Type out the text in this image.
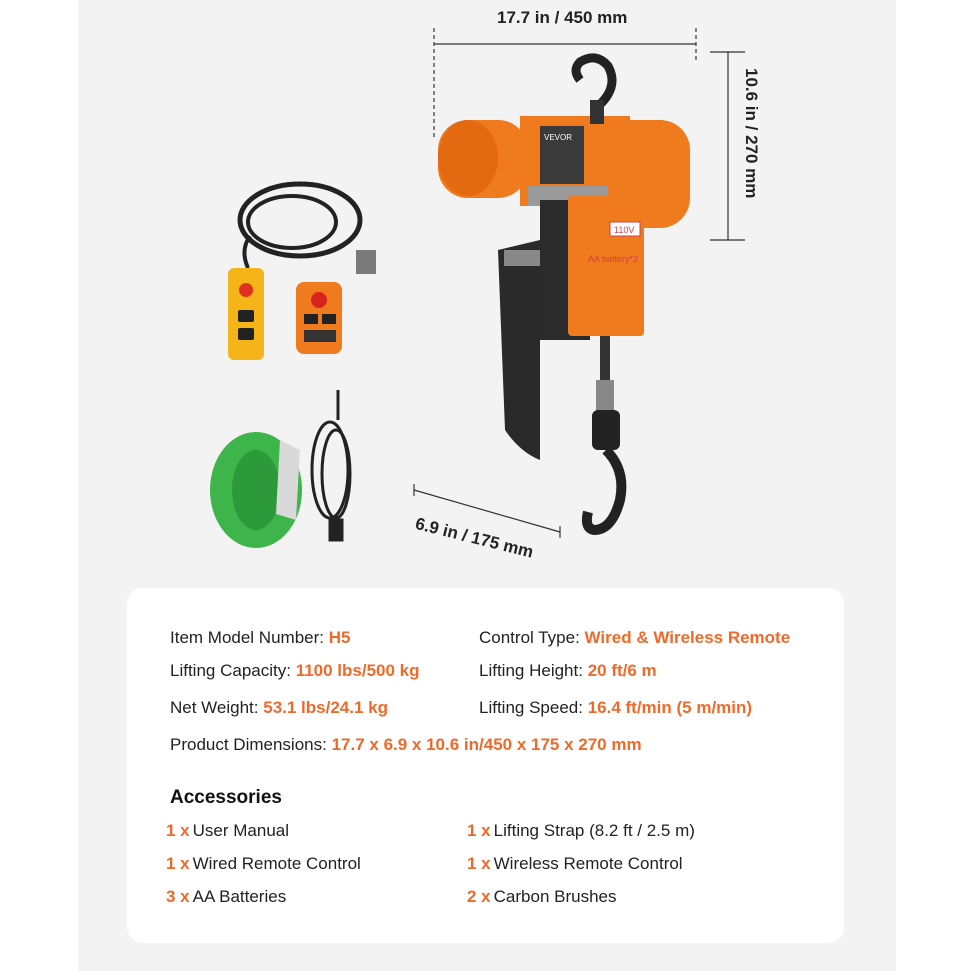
110V
AA battery*2
VEVOR
17.7 in / 450 mm
10.6 in / 270 mm
6.9 in / 175 mm
Item Model Number: H5	Control Type: Wired & Wireless Remote
Lifting Capacity: 1100 lbs/500 kg	Lifting Height: 20 ft/6 m
Net Weight: 53.1 lbs/24.1 kg	Lifting Speed: 16.4 ft/min (5 m/min)
Product Dimensions: 17.7 x 6.9 x 10.6 in/450 x 175 x 270 mm
Accessories
1 x User Manual	1 x Lifting Strap (8.2 ft / 2.5 m)
1 x Wired Remote Control	1 x Wireless Remote Control
3 x AA Batteries	2 x Carbon Brushes
